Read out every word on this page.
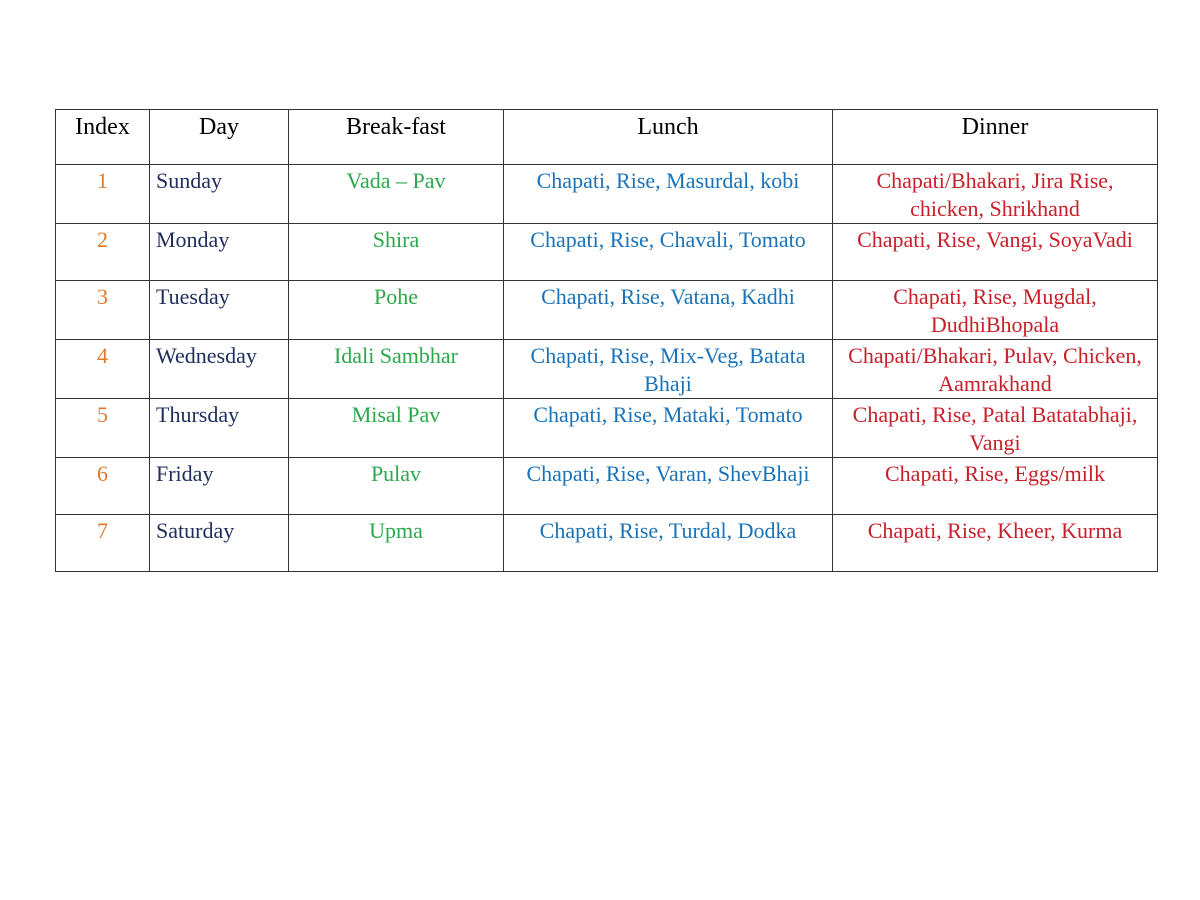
Index	Day	Break-fast	Lunch	Dinner
1	Sunday	Vada – Pav	Chapati, Rise, Masurdal, kobi	Chapati/Bhakari, Jira Rise, chicken, Shrikhand
2	Monday	Shira	Chapati, Rise, Chavali, Tomato	Chapati, Rise, Vangi, SoyaVadi
3	Tuesday	Pohe	Chapati, Rise, Vatana, Kadhi	Chapati, Rise, Mugdal, DudhiBhopala
4	Wednesday	Idali Sambhar	Chapati, Rise, Mix-Veg, Batata Bhaji	Chapati/Bhakari, Pulav, Chicken, Aamrakhand
5	Thursday	Misal Pav	Chapati, Rise, Mataki, Tomato	Chapati, Rise, Patal Batatabhaji, Vangi
6	Friday	Pulav	Chapati, Rise, Varan, ShevBhaji	Chapati, Rise, Eggs/milk
7	Saturday	Upma	Chapati, Rise, Turdal, Dodka	Chapati, Rise, Kheer, Kurma
